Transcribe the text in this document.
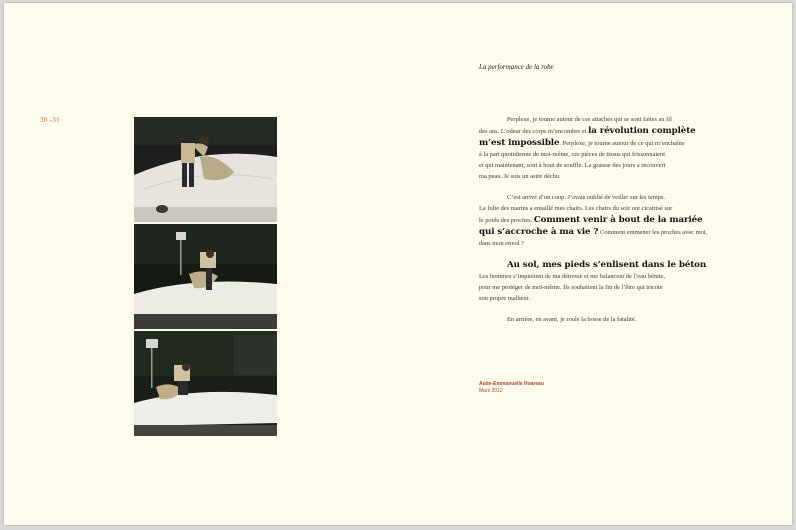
30 -31
La performance de la robe

Perplexe, je tourne autour de ces attaches qui se sont faites au fil
des ans. L’odeur des corps m’encombre et la révolution complète
m’est impossible. Perplexe, je tourne autour de ce qui m’enchaîne
à la part quotidienne de moi-même, ces pièces de tissus qui frissonnaient
et qui maintenant, sont à bout de souffle. La graisse des jours a recouvert
ma peau. Je suis un astre déchu.

C’est arrivé d’un coup. J’avais oublié de veiller sur les temps.
La folie des marins a entaillé mes chairs. Les chairs du soir ont cicatrisé sur
le poids des proches. Comment venir à bout de la mariée
qui s’accroche à ma vie ? Comment emmener les proches avec moi,
dans mon envol ?

Au sol, mes pieds s’enlisent dans le béton.
Les hommes s’inquiètent de ma détresse et me balancent de l’eau bénite,
pour me protéger de moi-même. Ils souhaitent la fin de l’être qui tricote
son propre malheur.

En arrière, en avant, je roule la bosse de la fatalité.

Aude-Emmanuelle Hoareau
Mars 2012
